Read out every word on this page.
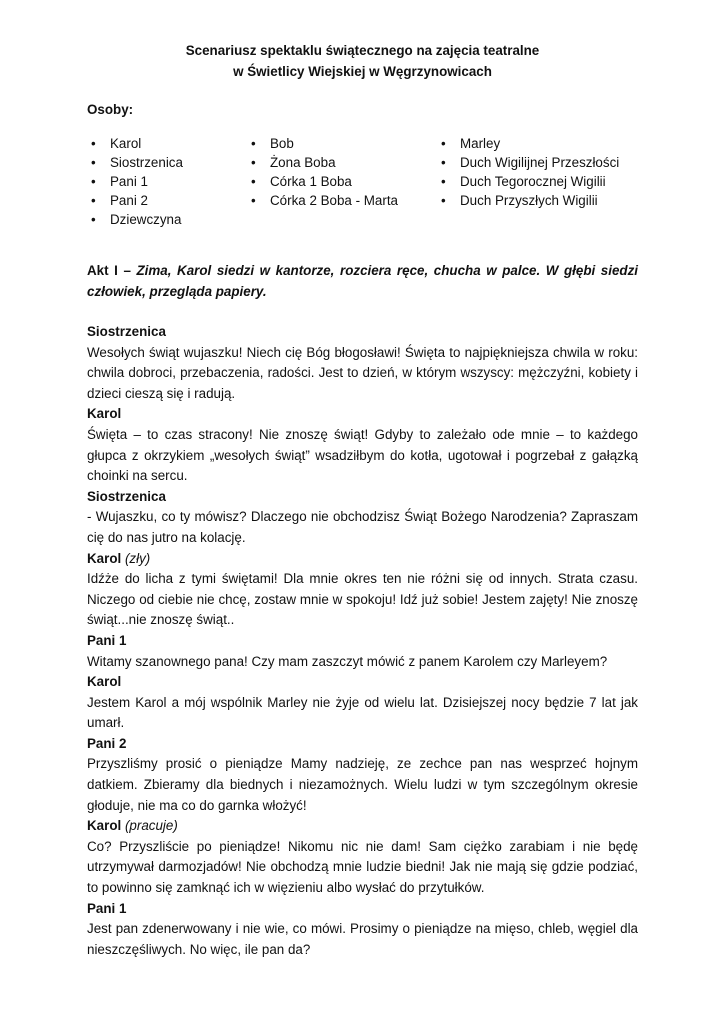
Scenariusz spektaklu świątecznego na zajęcia teatralne
w Świetlicy Wiejskiej w Węgrzynowicach
Osoby:
• Karol
• Siostrzenica
• Pani 1
• Pani 2
• Dziewczyna
• Bob
• Żona Boba
• Córka 1 Boba
• Córka 2 Boba - Marta
• Marley
• Duch Wigilijnej Przeszłości
• Duch Tegorocznej Wigilii
• Duch Przyszłych Wigilii
Akt I – Zima, Karol siedzi w kantorze, rozciera ręce, chucha w palce. W głębi siedzi człowiek, przegląda papiery.
Siostrzenica
Wesołych świąt wujaszku! Niech cię Bóg błogosławi! Święta to najpiękniejsza chwila w roku: chwila dobroci, przebaczenia, radości. Jest to dzień, w którym wszyscy: mężczyźni, kobiety i dzieci cieszą się i radują.
Karol
Święta – to czas stracony! Nie znoszę świąt! Gdyby to zależało ode mnie – to każdego głupca z okrzykiem „wesołych świąt” wsadziłbym do kotła, ugotował i pogrzebał z gałązką choinki na sercu.
Siostrzenica
- Wujaszku, co ty mówisz? Dlaczego nie obchodzisz Świąt Bożego Narodzenia? Zapraszam cię do nas jutro na kolację.
Karol (zły)
Idźże do licha z tymi świętami! Dla mnie okres ten nie różni się od innych. Strata czasu. Niczego od ciebie nie chcę, zostaw mnie w spokoju! Idź już sobie! Jestem zajęty! Nie znoszę świąt...nie znoszę świąt..
Pani 1
Witamy szanownego pana! Czy mam zaszczyt mówić z panem Karolem czy Marleyem?
Karol
Jestem Karol a mój wspólnik Marley nie żyje od wielu lat. Dzisiejszej nocy będzie 7 lat jak umarł.
Pani 2
Przyszliśmy prosić o pieniądze Mamy nadzieję, ze zechce pan nas wesprzeć hojnym datkiem. Zbieramy dla biednych i niezamożnych. Wielu ludzi w tym szczególnym okresie głoduje, nie ma co do garnka włożyć!
Karol (pracuje)
Co? Przyszliście po pieniądze! Nikomu nic nie dam! Sam ciężko zarabiam i nie będę utrzymywał darmozjadów! Nie obchodzą mnie ludzie biedni! Jak nie mają się gdzie podziać, to powinno się zamknąć ich w więzieniu albo wysłać do przytułków.
Pani 1
Jest pan zdenerwowany i nie wie, co mówi. Prosimy o pieniądze na mięso, chleb, węgiel dla nieszczęśliwych. No więc, ile pan da?
